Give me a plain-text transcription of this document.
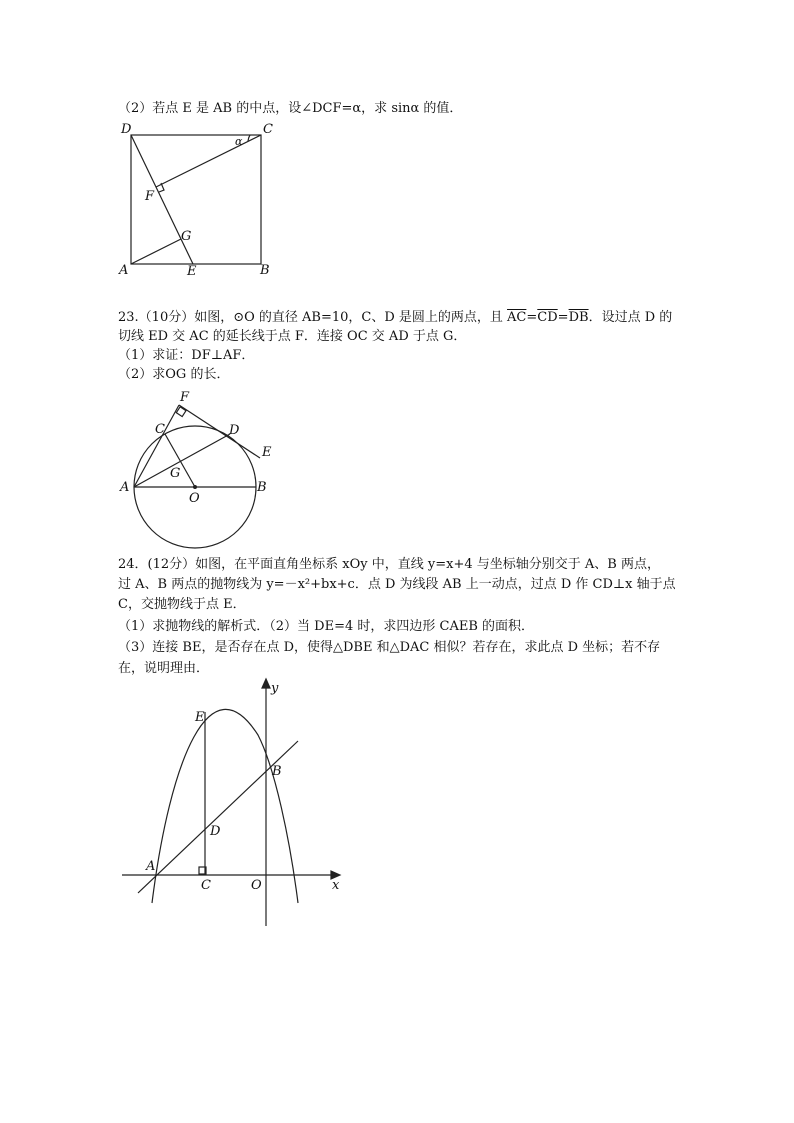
（2）若点 E 是 AB 的中点，设∠DCF=α，求 sinα 的值．
D	C
α
F
G
A	E	B
23.（10分）如图，⊙O 的直径 AB=10，C、D 是圆上的两点，且 $\overline{AC}=\overline{CD}=\overline{DB}$．设过点 D 的
切线 ED 交 AC 的延长线于点 F．连接 OC 交 AD 于点 G．
（1）求证：DF⊥AF．
（2）求OG 的长．
F
C	D
E
G
A
O
B
24．(12分）如图，在平面直角坐标系 xOy 中，直线 y=x+4 与坐标轴分别交于 A、B 两点，
过 A、B 两点的抛物线为 y=－x²+bx+c．点 D 为线段 AB 上一动点，过点 D 作 CD⊥x 轴于点
C，交抛物线于点 E．
（1）求抛物线的解析式．（2）当 DE=4 时，求四边形 CAEB 的面积．
（3）连接 BE，是否存在点 D，使得△DBE 和△DAC 相似？若存在，求此点 D 坐标；若不存
在，说明理由．
y
E
B
D
A
C	O	x
